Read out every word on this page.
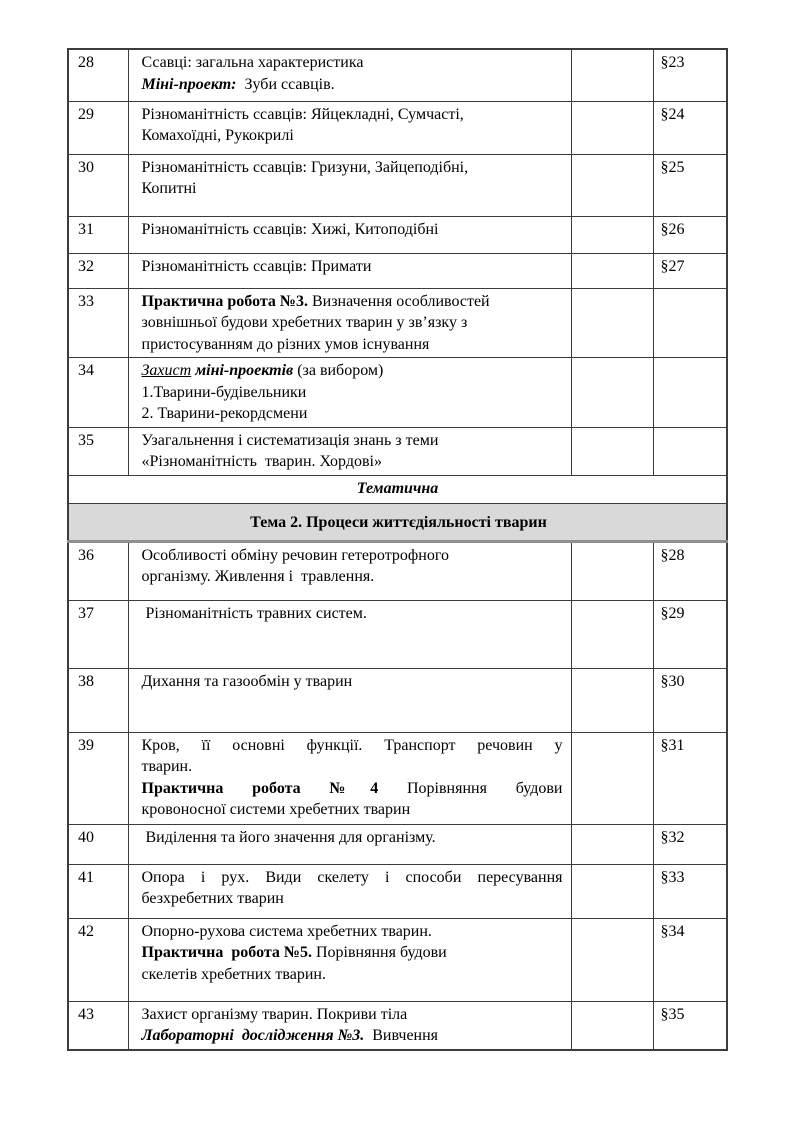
28	Ссавці: загальна характеристика
Міні-проект:  Зуби ссавців.		§23
29	Різноманітність ссавців: Яйцекладні, Сумчасті,
Комахоїдні, Рукокрилі		§24
30	Різноманітність ссавців: Гризуни, Зайцеподібні,
Копитні		§25
31	Різноманітність ссавців: Хижі, Китоподібні		§26
32	Різноманітність ссавців: Примати		§27
33	Практична робота №3. Визначення особливостей
зовнішньої будови хребетних тварин у зв’язку з
пристосуванням до різних умов існування		

34	Захист міні-проектів (за вибором)
1.Тварини-будівельники
2. Тварини-рекордсмени		

35	Узагальнення і систематизація знань з теми
«Різноманітність  тварин. Хордові»		

Тематична			
Тема 2. Процеси життєдіяльності тварин			
36	Особливості обміну речовин гетеротрофного
організму. Живлення і  травлення.		§28
37	Різноманітність травних систем.		§29
38	Дихання та газообмін у тварин		§30
39	Кров, її основні функції. Транспорт речовин у
тварин.
Практична робота №4 Порівняння будови
кровоносної системи хребетних тварин		§31
40	Виділення та його значення для організму.		§32
41	Опора і рух. Види скелету і способи пересування
безхребетних тварин		§33
42	Опорно-рухова система хребетних тварин.
Практична  робота №5. Порівняння будови
скелетів хребетних тварин.		§34
43	Захист організму тварин. Покриви тіла
Лабораторні  дослідження №3.  Вивчення		§35
